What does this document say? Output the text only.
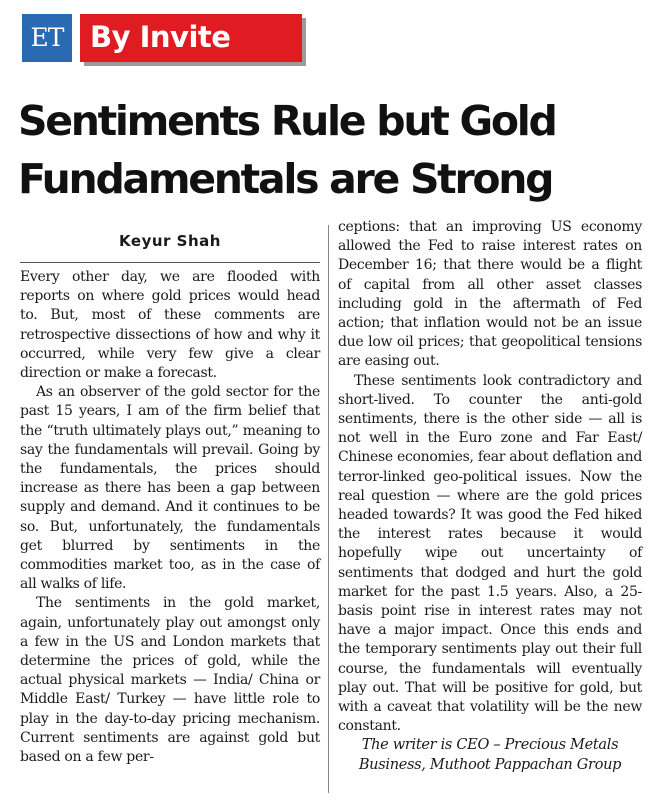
ET By Invite
Sentiments Rule but Gold Fundamentals are Strong
Keyur Shah

Every other day, we are flooded with reports on where gold prices would head to. But, most of these comments are retrospective dissections of how and why it occurred, while very few give a clear direction or make a forecast.

As an observer of the gold sector for the past 15 years, I am of the firm belief that the “truth ultimately plays out,” meaning to say the fundamentals will prevail. Going by the fundamentals, the prices should increase as there has been a gap between supply and demand. And it continues to be so. But, unfortunately, the fundamentals get blurred by sentiments in the commodities market too, as in the case of all walks of life.

The sentiments in the gold market, again, unfortunately play out amongst only a few in the US and London markets that determine the prices of gold, while the actual physical markets — India/ China or Middle East/ Turkey — have little role to play in the day-to-day pricing mechanism. Current sentiments are against gold but based on a few per-

ceptions: that an improving US economy allowed the Fed to raise interest rates on December 16; that there would be a flight of capital from all other asset classes including gold in the aftermath of Fed action; that inflation would not be an issue due low oil prices; that geopolitical tensions are easing out.

These sentiments look contradictory and short-lived. To counter the anti-gold sentiments, there is the other side — all is not well in the Euro zone and Far East/ Chinese economies, fear about deflation and terror-linked geo-political issues. Now the real question — where are the gold prices headed towards? It was good the Fed hiked the interest rates because it would hopefully wipe out uncertainty of sentiments that dodged and hurt the gold market for the past 1.5 years. Also, a 25-basis point rise in interest rates may not have a major impact. Once this ends and the temporary sentiments play out their full course, the fundamentals will eventually play out. That will be positive for gold, but with a caveat that volatility will be the new constant.

The writer is CEO – Precious Metals Business, Muthoot Pappachan Group
